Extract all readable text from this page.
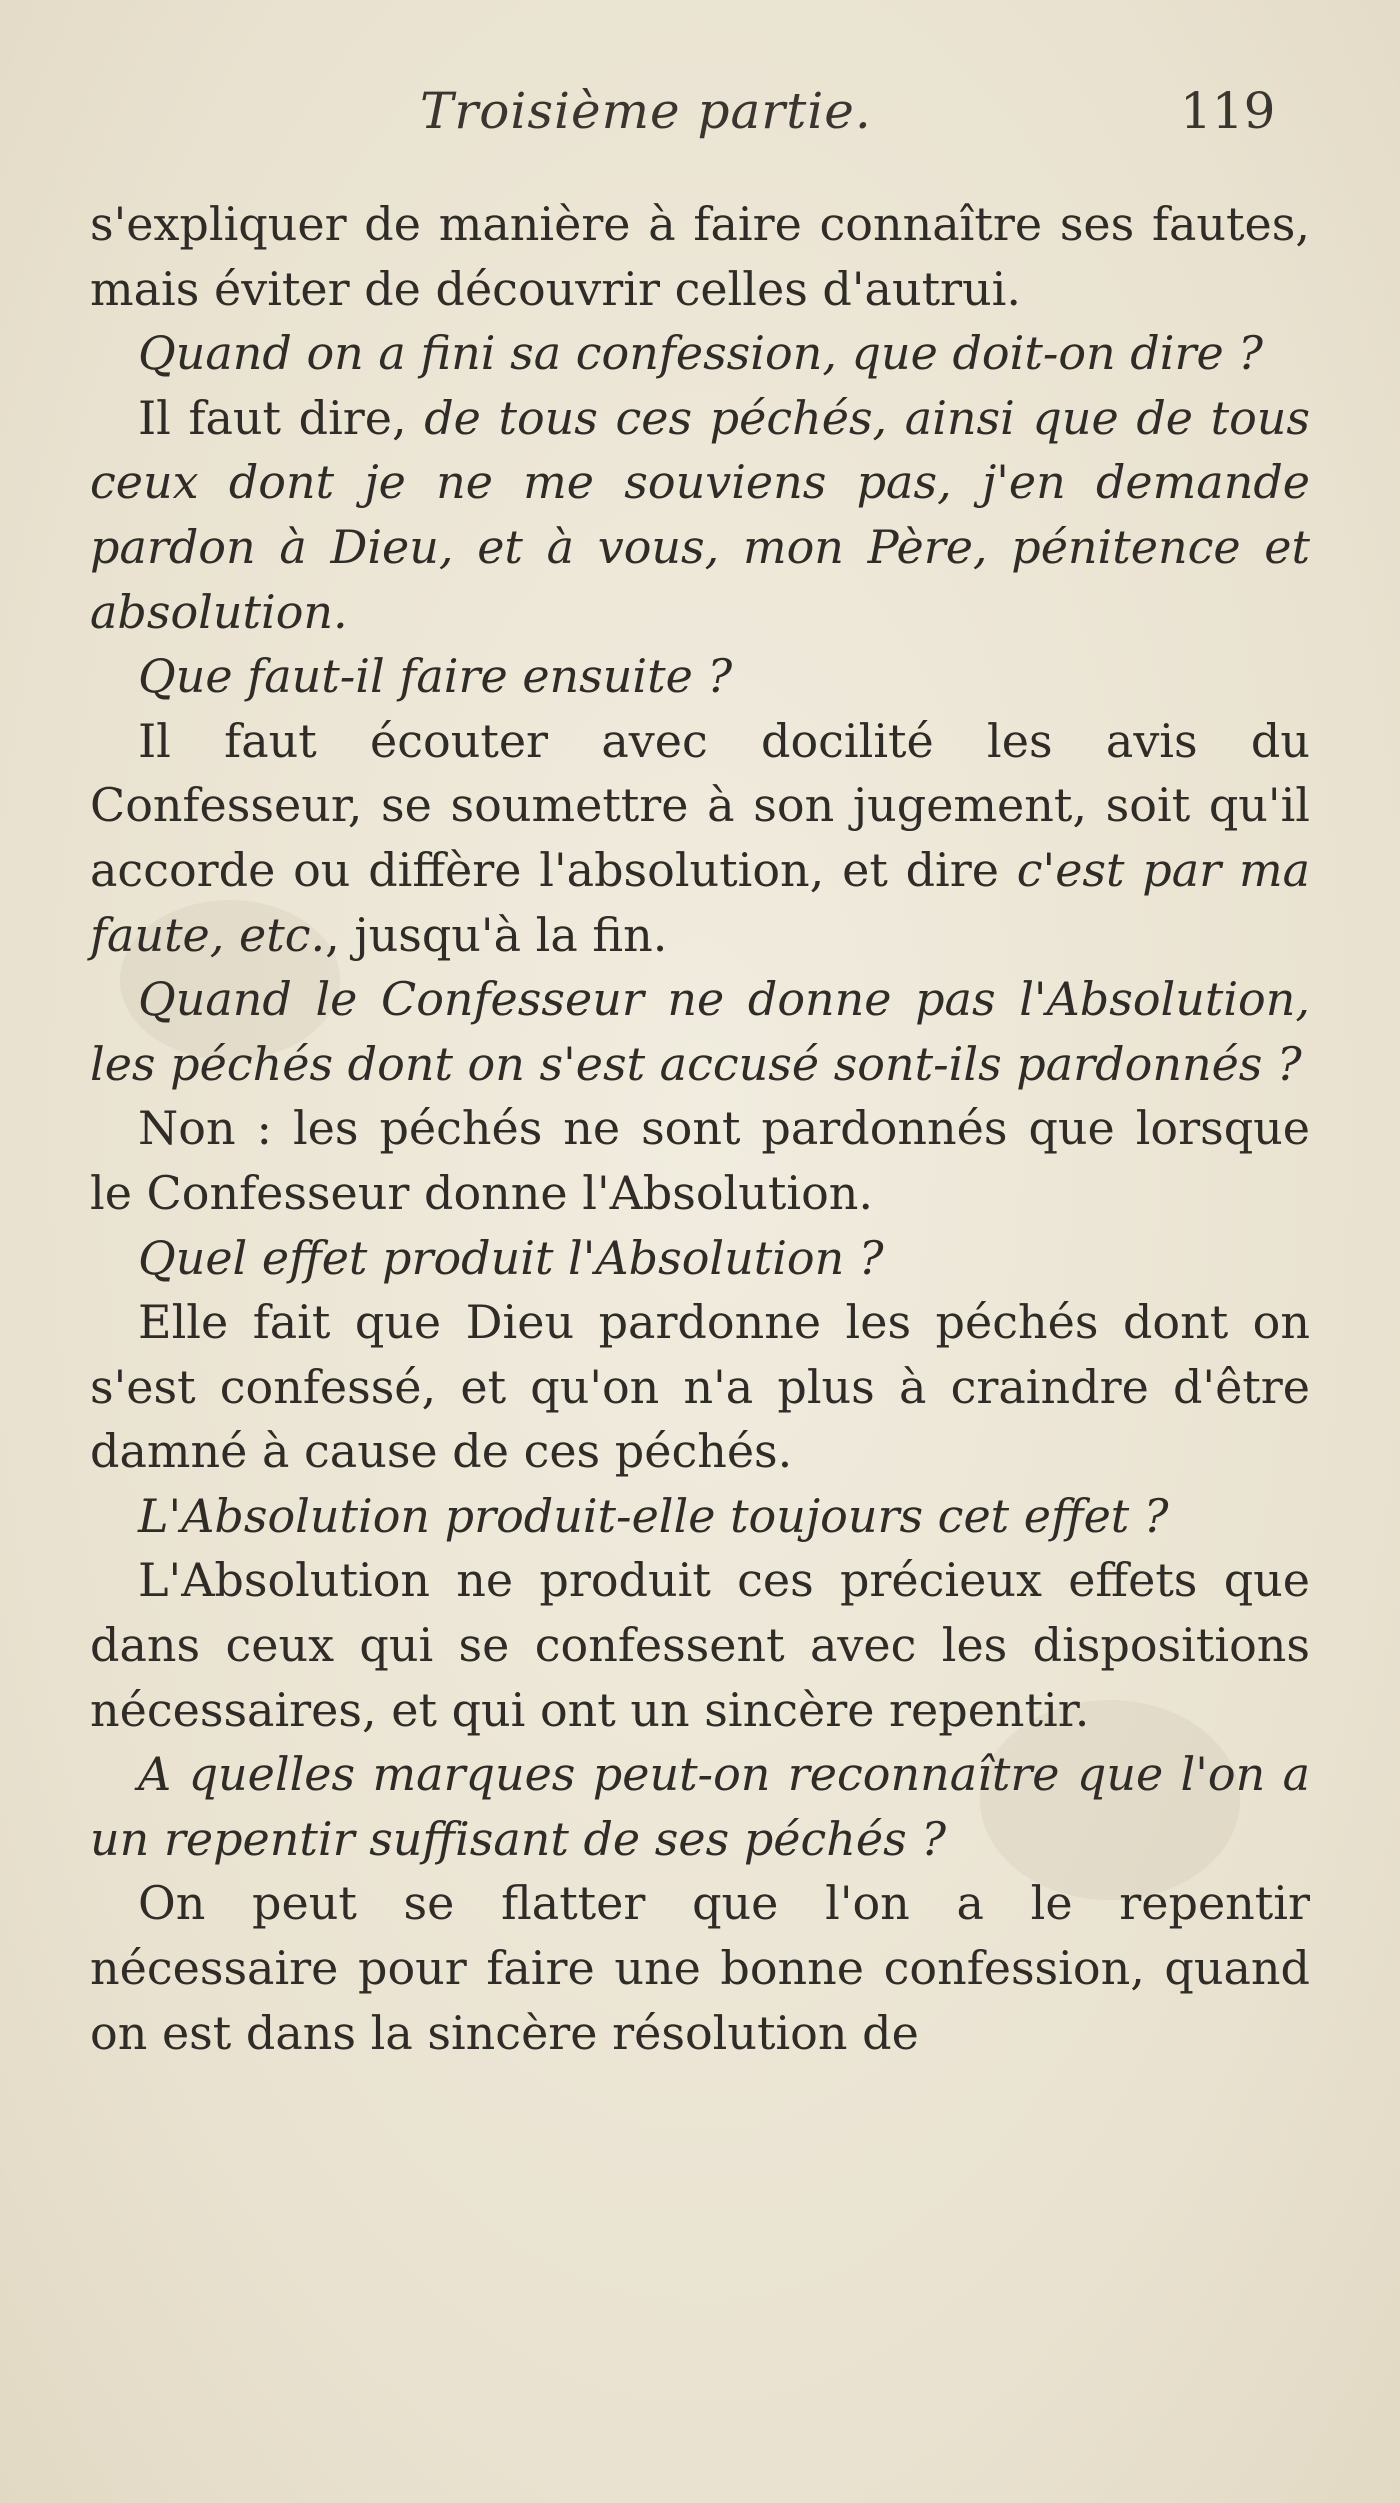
Troisième partie.	119

s'expliquer de manière à faire connaître ses fautes, mais éviter de découvrir celles d'autrui.

Quand on a fini sa confession, que doit-on dire ?

Il faut dire, de tous ces péchés, ainsi que de tous ceux dont je ne me souviens pas, j'en demande pardon à Dieu, et à vous, mon Père, pénitence et absolution.

Que faut-il faire ensuite ?

Il faut écouter avec docilité les avis du Confesseur, se soumettre à son jugement, soit qu'il accorde ou diffère l'absolution, et dire c'est par ma faute, etc., jusqu'à la fin.

Quand le Confesseur ne donne pas l'Absolution, les péchés dont on s'est accusé sont-ils pardonnés ?

Non : les péchés ne sont pardonnés que lorsque le Confesseur donne l'Absolution.

Quel effet produit l'Absolution ?

Elle fait que Dieu pardonne les péchés dont on s'est confessé, et qu'on n'a plus à craindre d'être damné à cause de ces péchés.

L'Absolution produit-elle toujours cet effet ?

L'Absolution ne produit ces précieux effets que dans ceux qui se confessent avec les dispositions nécessaires, et qui ont un sincère repentir.

A quelles marques peut-on reconnaître que l'on a un repentir suffisant de ses péchés ?

On peut se flatter que l'on a le repentir nécessaire pour faire une bonne confession, quand on est dans la sincère résolution de
